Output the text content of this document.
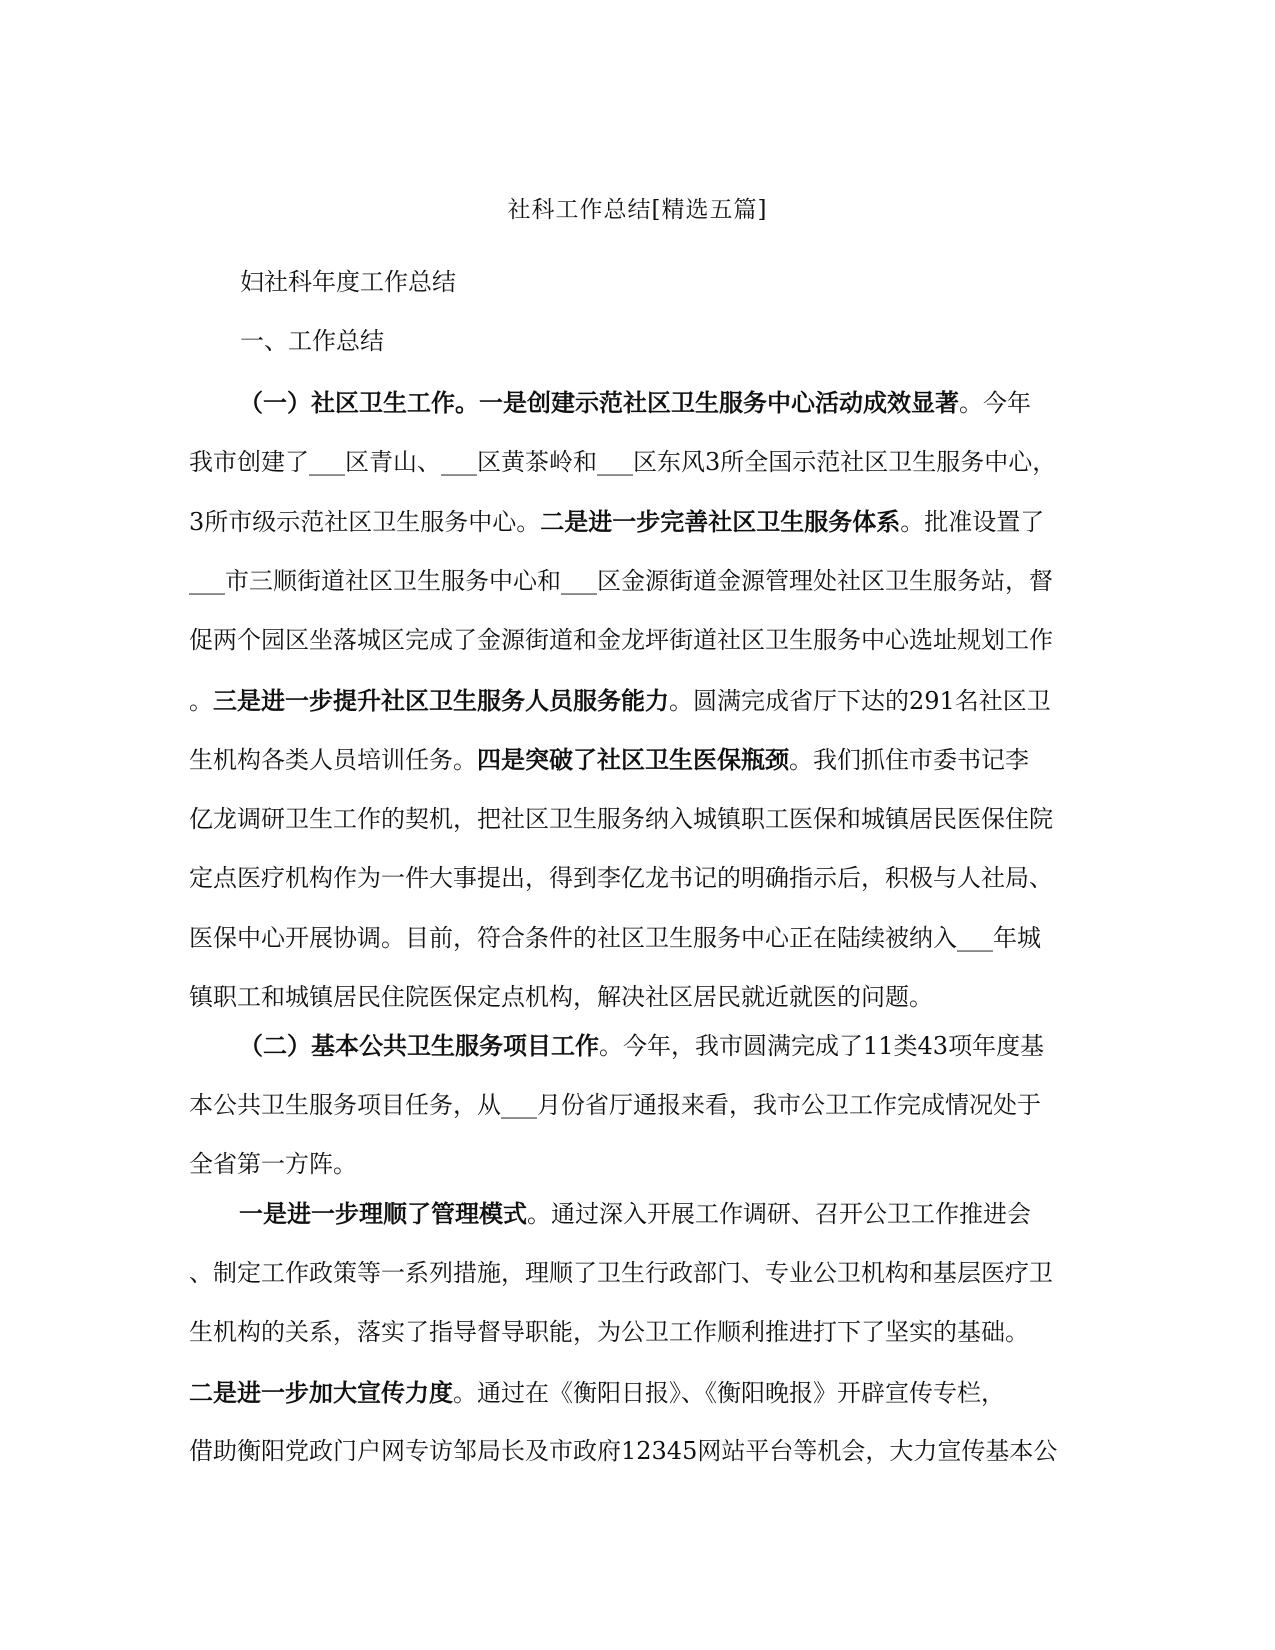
社科工作总结[精选五篇]
妇社科年度工作总结
一、工作总结
（一）社区卫生工作。一是创建示范社区卫生服务中心活动成效显著。今年
我市创建了___区青山、___区黄茶岭和___区东风3所全国示范社区卫生服务中心，
3所市级示范社区卫生服务中心。二是进一步完善社区卫生服务体系。批准设置了
___市三顺街道社区卫生服务中心和___区金源街道金源管理处社区卫生服务站，督
促两个园区坐落城区完成了金源街道和金龙坪街道社区卫生服务中心选址规划工作
。三是进一步提升社区卫生服务人员服务能力。圆满完成省厅下达的291名社区卫
生机构各类人员培训任务。四是突破了社区卫生医保瓶颈。我们抓住市委书记李
亿龙调研卫生工作的契机，把社区卫生服务纳入城镇职工医保和城镇居民医保住院
定点医疗机构作为一件大事提出，得到李亿龙书记的明确指示后，积极与人社局、
医保中心开展协调。目前，符合条件的社区卫生服务中心正在陆续被纳入___年城
镇职工和城镇居民住院医保定点机构，解决社区居民就近就医的问题。
（二）基本公共卫生服务项目工作。今年，我市圆满完成了11类43项年度基
本公共卫生服务项目任务，从___月份省厅通报来看，我市公卫工作完成情况处于
全省第一方阵。
一是进一步理顺了管理模式。通过深入开展工作调研、召开公卫工作推进会
、制定工作政策等一系列措施，理顺了卫生行政部门、专业公卫机构和基层医疗卫
生机构的关系，落实了指导督导职能，为公卫工作顺利推进打下了坚实的基础。
二是进一步加大宣传力度。通过在《衡阳日报》、《衡阳晚报》开辟宣传专栏，
借助衡阳党政门户网专访邹局长及市政府12345网站平台等机会，大力宣传基本公
